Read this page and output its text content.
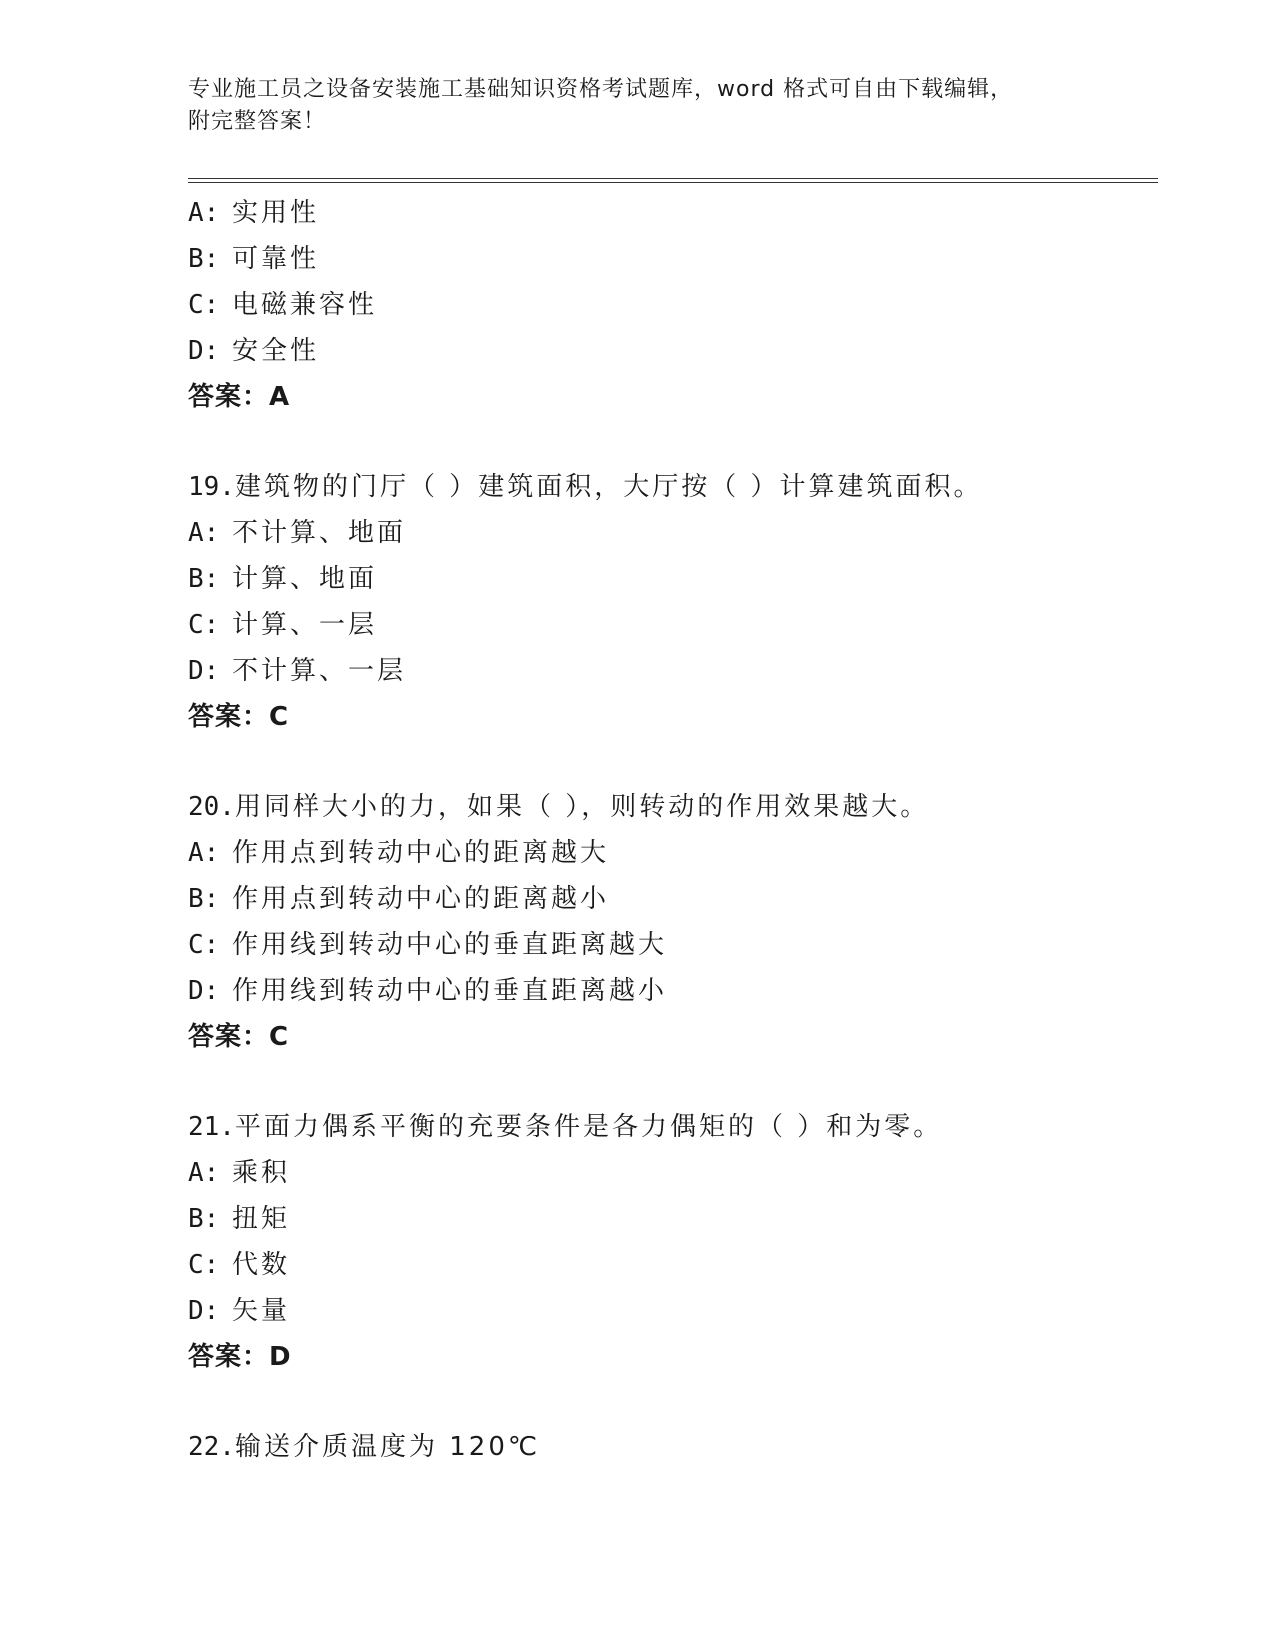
专业施工员之设备安装施工基础知识资格考试题库，word 格式可自由下载编辑，
附完整答案！
A: 实用性
B: 可靠性
C: 电磁兼容性
D: 安全性
答案：A
19.建筑物的门厅（ ）建筑面积，大厅按（ ）计算建筑面积。
A: 不计算、地面
B: 计算、地面
C: 计算、一层
D: 不计算、一层
答案：C
20.用同样大小的力，如果（ ），则转动的作用效果越大。
A: 作用点到转动中心的距离越大
B: 作用点到转动中心的距离越小
C: 作用线到转动中心的垂直距离越大
D: 作用线到转动中心的垂直距离越小
答案：C
21.平面力偶系平衡的充要条件是各力偶矩的（ ）和为零。
A: 乘积
B: 扭矩
C: 代数
D: 矢量
答案：D
22.输送介质温度为 120℃
